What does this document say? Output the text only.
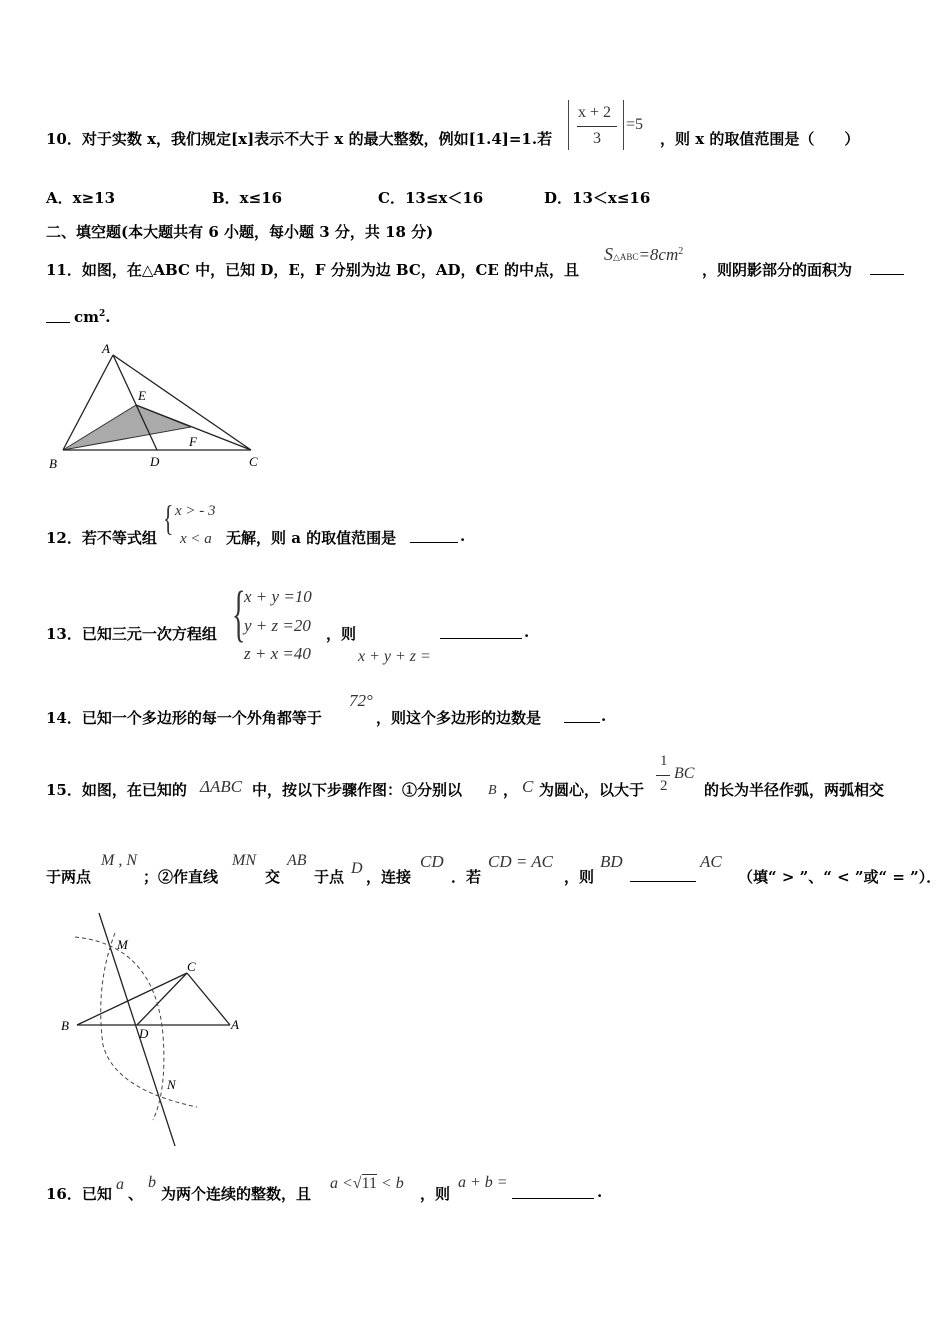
10．对于实数 x，我们规定[x]表示不大于 x 的最大整数，例如[1.4]=1.若
x + 2
3
=5
，则 x 的取值范围是（　　）
A．x≥13	B．x≤16	C．13≤x＜16	D．13＜x≤16
二、填空题(本大题共有 6 小题，每小题 3 分，共 18 分)
11．如图，在△ABC 中，已知 D，E，F 分别为边 BC，AD，CE 的中点，且
$S\triangle ABC=8cm^2$
，则阴影部分的面积为
$cm^2$.
A
B	C
D
E
F
12．若不等式组 { x > - 3
x < a 无解，则 a 的取值范围是	.
13．已知三元一次方程组 {
x + y =10
y + z =20
z + x =40
，则
x + y + z =
.
14．已知一个多边形的每一个外角都等于
72°
，则这个多边形的边数是	.
15．如图，在已知的 ΔABC 中，按以下步骤作图：①分别以 B ， C 为圆心，以大于
1
2
BC
的长为半径作弧，两弧相交
于两点
M , N
；②作直线
MN
交
AB
于点 D ，连接
CD
．若
CD = AC
，则
BD	AC
（填“ > ”、“ < ”或“ = ”）．
M
C
B
D
A
N
16．已知
a
、
b
为两个连续的整数，且
a <√11 < b
，则
a + b =
.
